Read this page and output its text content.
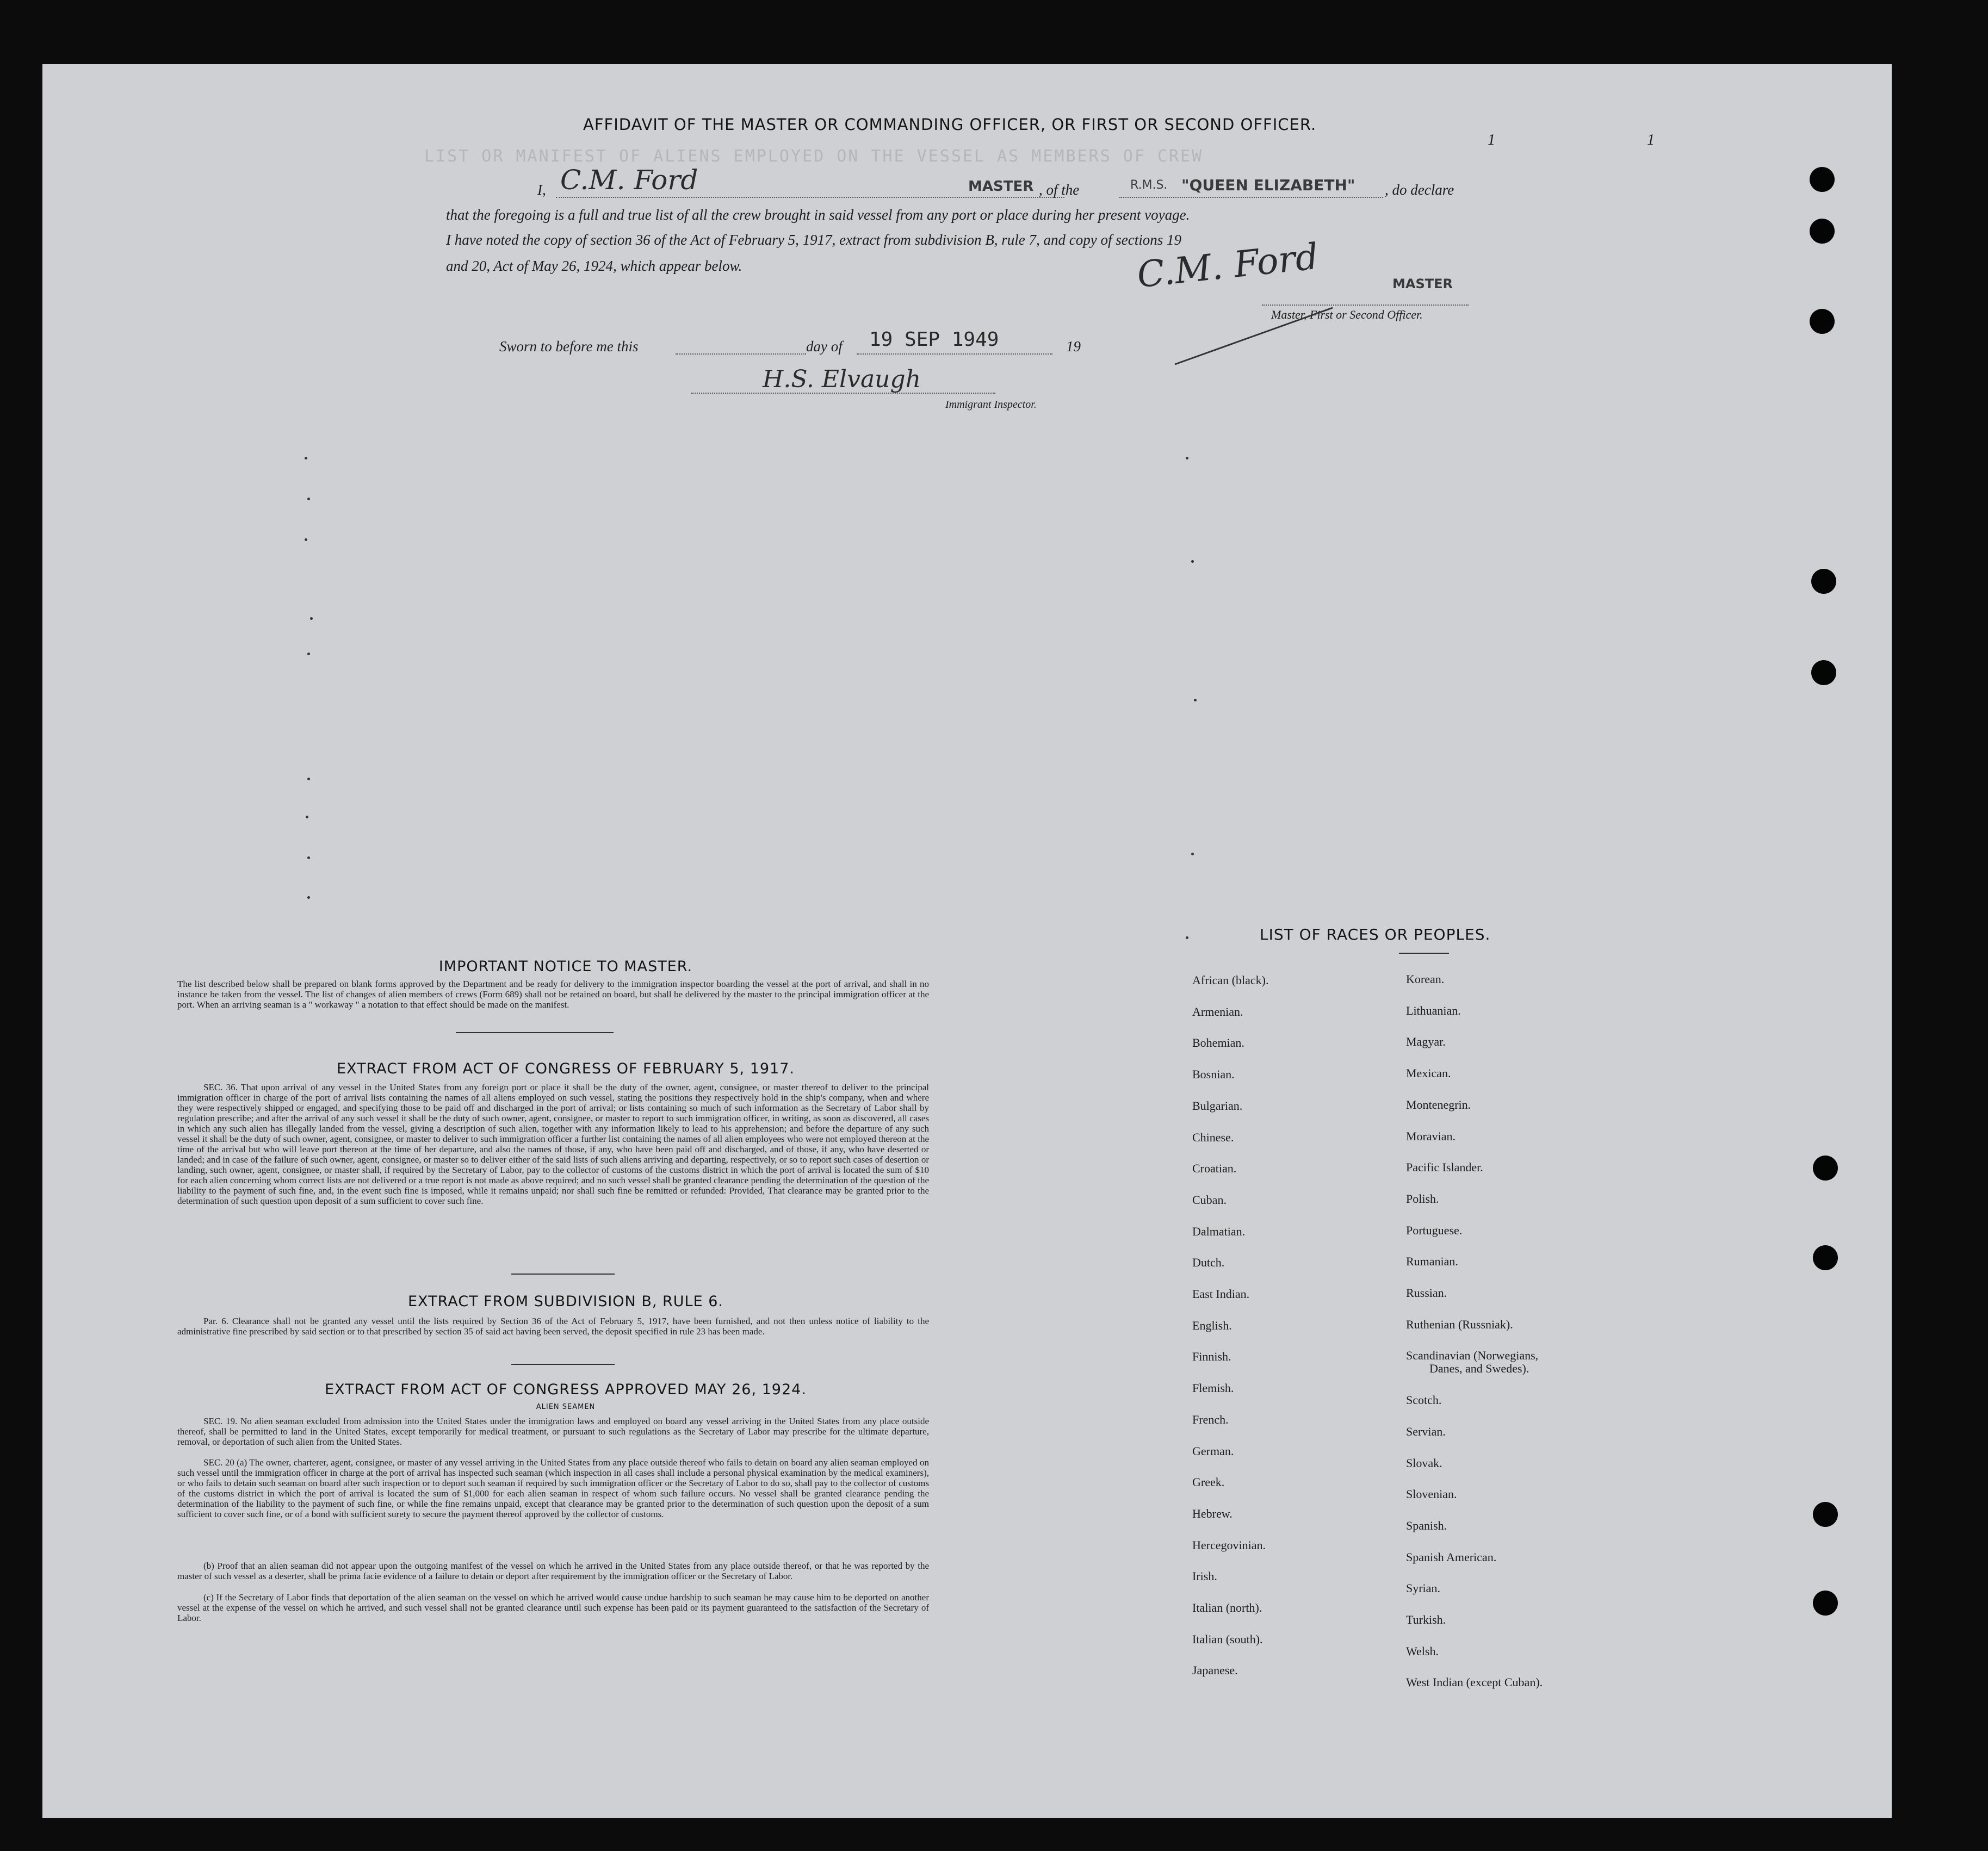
LIST OR MANIFEST OF ALIENS EMPLOYED ON THE VESSEL AS MEMBERS OF CREW
AFFIDAVIT OF THE MASTER OR COMMANDING OFFICER, OR FIRST OR SECOND OFFICER.
1	1
I, C.M. Ford	MASTER , of the	R.M.S. "QUEEN ELIZABETH" , do declare
that the foregoing is a full and true list of all the crew brought in said vessel from any port or place during her present voyage.
I have noted the copy of section 36 of the Act of February 5, 1917, extract from subdivision B, rule 7, and copy of sections 19
and 20, Act of May 26, 1924, which appear below.	C.M. Ford	MASTER
Master, First or Second Officer.
Sworn to before me this	day of 19 SEP 1949	19
H.S. Elvaugh
Immigrant Inspector.
IMPORTANT NOTICE TO MASTER.
The list described below shall be prepared on blank forms approved by the Department and be ready for delivery to the immigration inspector boarding the vessel at the port of arrival, and shall in no instance be taken from the vessel. The list of changes of alien members of crews (Form 689) shall not be retained on board, but shall be delivered by the master to the principal immigration officer at the port. When an arriving seaman is a " workaway " a notation to that effect should be made on the manifest.
EXTRACT FROM ACT OF CONGRESS OF FEBRUARY 5, 1917.
SEC. 36. That upon arrival of any vessel in the United States from any foreign port or place it shall be the duty of the owner, agent, consignee, or master thereof to deliver to the principal immigration officer in charge of the port of arrival lists containing the names of all aliens employed on such vessel, stating the positions they respectively hold in the ship's company, when and where they were respectively shipped or engaged, and specifying those to be paid off and discharged in the port of arrival; or lists containing so much of such information as the Secretary of Labor shall by regulation prescribe; and after the arrival of any such vessel it shall be the duty of such owner, agent, consignee, or master to report to such immigration officer, in writing, as soon as discovered, all cases in which any such alien has illegally landed from the vessel, giving a description of such alien, together with any information likely to lead to his apprehension; and before the departure of any such vessel it shall be the duty of such owner, agent, consignee, or master to deliver to such immigration officer a further list containing the names of all alien employees who were not employed thereon at the time of the arrival but who will leave port thereon at the time of her departure, and also the names of those, if any, who have been paid off and discharged, and of those, if any, who have deserted or landed; and in case of the failure of such owner, agent, consignee, or master so to deliver either of the said lists of such aliens arriving and departing, respectively, or so to report such cases of desertion or landing, such owner, agent, consignee, or master shall, if required by the Secretary of Labor, pay to the collector of customs of the customs district in which the port of arrival is located the sum of $10 for each alien concerning whom correct lists are not delivered or a true report is not made as above required; and no such vessel shall be granted clearance pending the determination of the question of the liability to the payment of such fine, and, in the event such fine is imposed, while it remains unpaid; nor shall such fine be remitted or refunded: Provided, That clearance may be granted prior to the determination of such question upon deposit of a sum sufficient to cover such fine.
EXTRACT FROM SUBDIVISION B, RULE 6.
Par. 6. Clearance shall not be granted any vessel until the lists required by Section 36 of the Act of February 5, 1917, have been furnished, and not then unless notice of liability to the administrative fine prescribed by said section or to that prescribed by section 35 of said act having been served, the deposit specified in rule 23 has been made.
EXTRACT FROM ACT OF CONGRESS APPROVED MAY 26, 1924.
ALIEN SEAMEN
SEC. 19. No alien seaman excluded from admission into the United States under the immigration laws and employed on board any vessel arriving in the United States from any place outside thereof, shall be permitted to land in the United States, except temporarily for medical treatment, or pursuant to such regulations as the Secretary of Labor may prescribe for the ultimate departure, removal, or deportation of such alien from the United States.
SEC. 20 (a) The owner, charterer, agent, consignee, or master of any vessel arriving in the United States from any place outside thereof who fails to detain on board any alien seaman employed on such vessel until the immigration officer in charge at the port of arrival has inspected such seaman (which inspection in all cases shall include a personal physical examination by the medical examiners), or who fails to detain such seaman on board after such inspection or to deport such seaman if required by such immigration officer or the Secretary of Labor to do so, shall pay to the collector of customs of the customs district in which the port of arrival is located the sum of $1,000 for each alien seaman in respect of whom such failure occurs. No vessel shall be granted clearance pending the determination of the liability to the payment of such fine, or while the fine remains unpaid, except that clearance may be granted prior to the determination of such question upon the deposit of a sum sufficient to cover such fine, or of a bond with sufficient surety to secure the payment thereof approved by the collector of customs.
(b) Proof that an alien seaman did not appear upon the outgoing manifest of the vessel on which he arrived in the United States from any place outside thereof, or that he was reported by the master of such vessel as a deserter, shall be prima facie evidence of a failure to detain or deport after requirement by the immigration officer or the Secretary of Labor.
(c) If the Secretary of Labor finds that deportation of the alien seaman on the vessel on which he arrived would cause undue hardship to such seaman he may cause him to be deported on another vessel at the expense of the vessel on which he arrived, and such vessel shall not be granted clearance until such expense has been paid or its payment guaranteed to the satisfaction of the Secretary of Labor.
LIST OF RACES OR PEOPLES.
African (black).
Armenian.
Bohemian.
Bosnian.
Bulgarian.
Chinese.
Croatian.
Cuban.
Dalmatian.
Dutch.
East Indian.
English.
Finnish.
Flemish.
French.
German.
Greek.
Hebrew.
Hercegovinian.
Irish.
Italian (north).
Italian (south).
Japanese.
Korean.
Lithuanian.
Magyar.
Mexican.
Montenegrin.
Moravian.
Pacific Islander.
Polish.
Portuguese.
Rumanian.
Russian.
Ruthenian (Russniak).
Scandinavian (Norwegians,
Danes, and Swedes).
Scotch.
Servian.
Slovak.
Slovenian.
Spanish.
Spanish American.
Syrian.
Turkish.
Welsh.
West Indian (except Cuban).
